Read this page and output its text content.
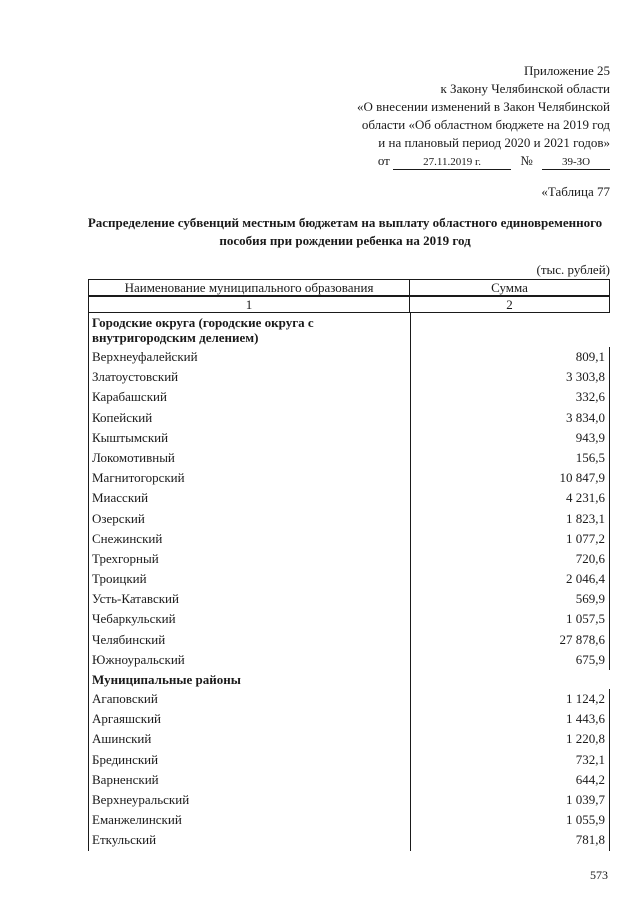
Приложение 25
к Закону Челябинской области
«О внесении изменений в Закон Челябинской
области «Об областном бюджете на 2019 год
и на плановый период 2020 и 2021 годов»
от	27.11.2019 г.	№	39-ЗО
«Таблица 77
Распределение субвенций местным бюджетам на выплату областного единовременного пособия при рождении ребенка на 2019 год
(тыс. рублей)
Наименование муниципального образования	Сумма
1	2
Городские округа (городские округа с внутригородским делением)
Верхнеуфалейский	809,1
Златоустовский	3 303,8
Карабашский	332,6
Копейский	3 834,0
Кыштымский	943,9
Локомотивный	156,5
Магнитогорский	10 847,9
Миасский	4 231,6
Озерский	1 823,1
Снежинский	1 077,2
Трехгорный	720,6
Троицкий	2 046,4
Усть-Катавский	569,9
Чебаркульский	1 057,5
Челябинский	27 878,6
Южноуральский	675,9
Муниципальные районы
Агаповский	1 124,2
Аргаяшский	1 443,6
Ашинский	1 220,8
Брединский	732,1
Варненский	644,2
Верхнеуральский	1 039,7
Еманжелинский	1 055,9
Еткульский	781,8
573
